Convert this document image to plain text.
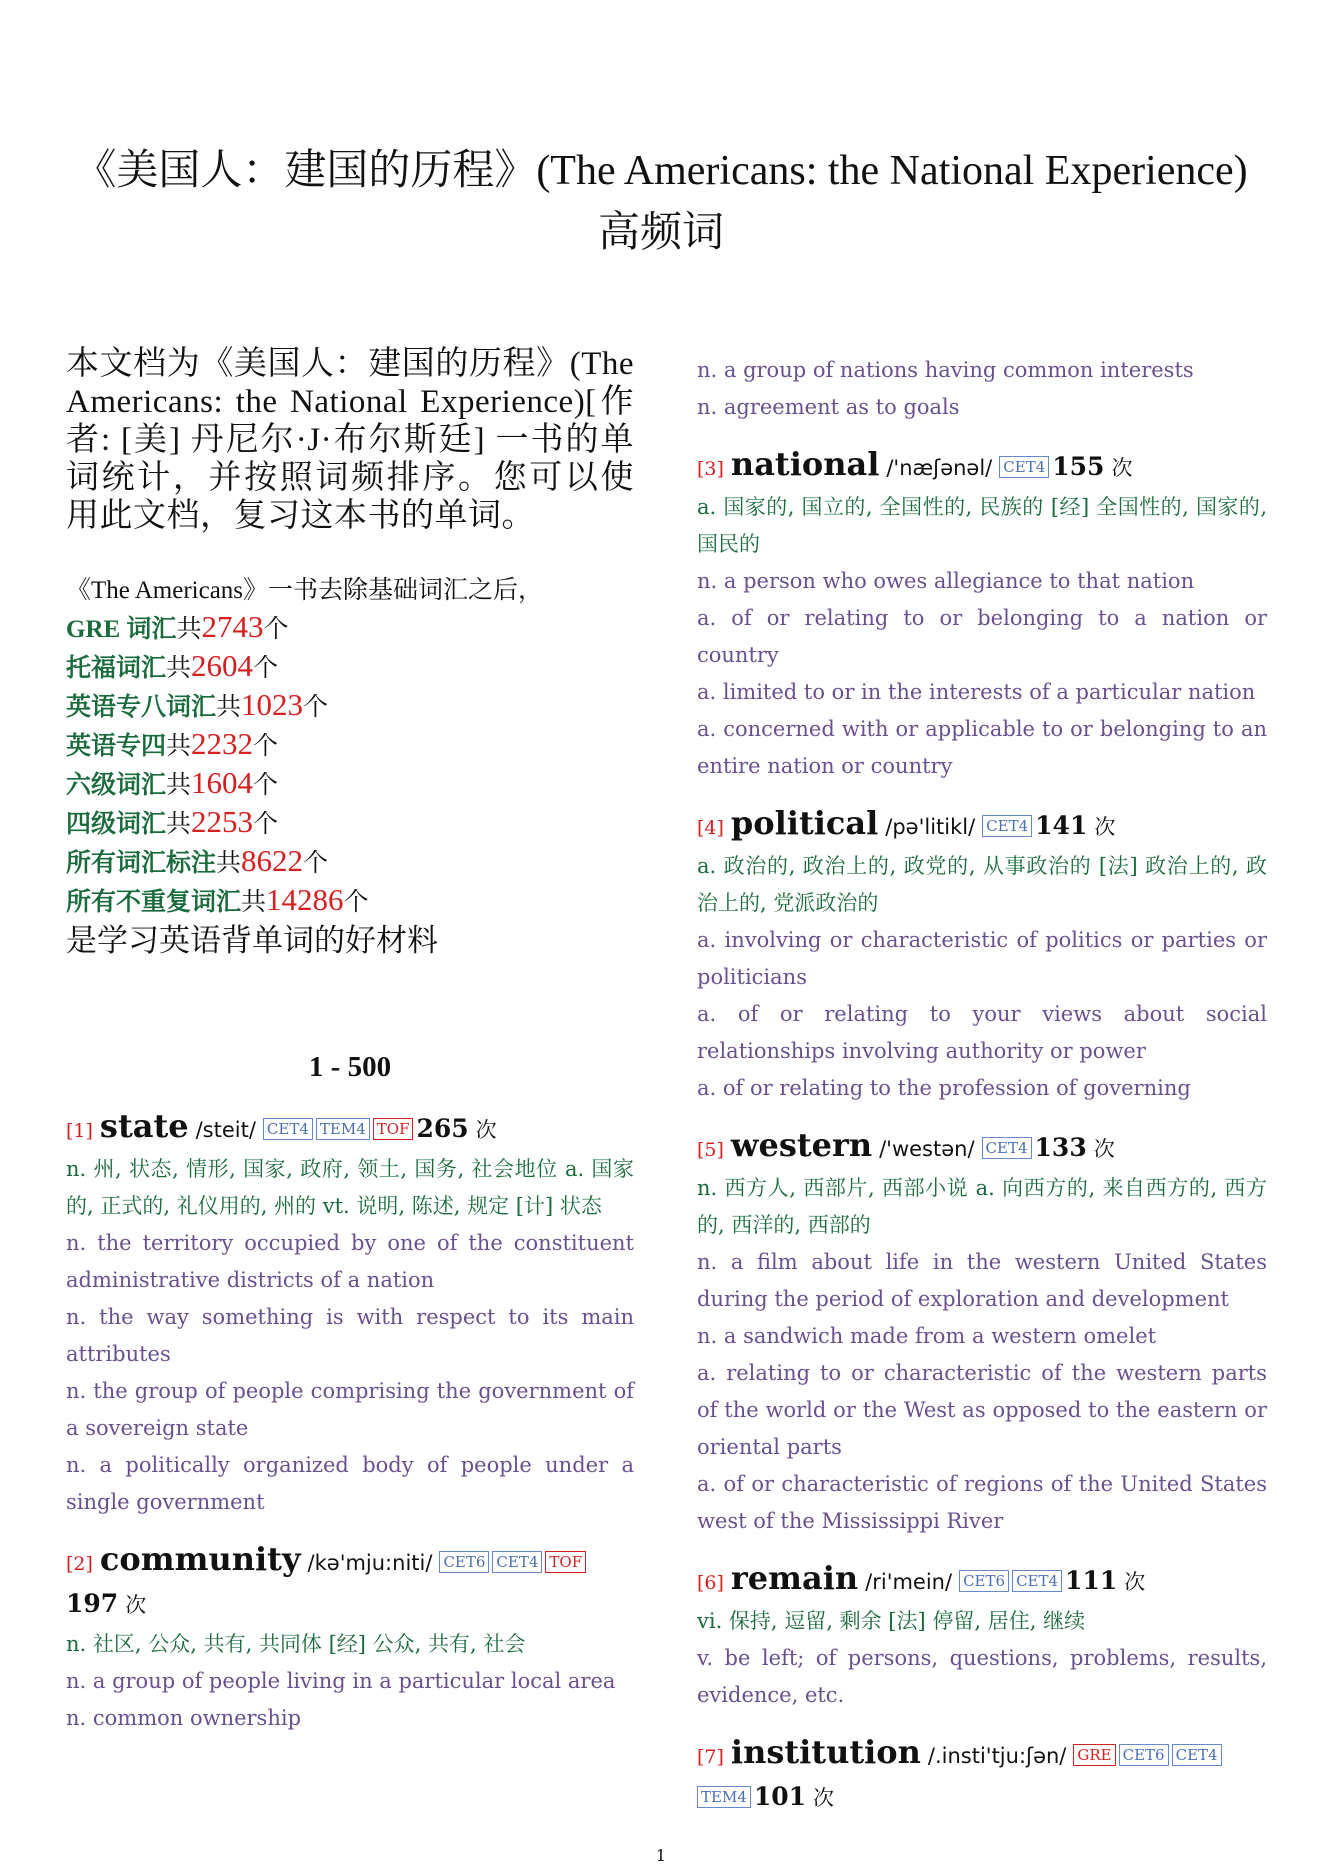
《美国人：建国的历程》(The Americans: the National Experience)
高频词
本文档为《美国人：建国的历程》(The Americans: the National Experience)[作者: [美] 丹尼尔·J·布尔斯廷] 一书的单词统计，并按照词频排序。您可以使用此文档，复习这本书的单词。
《The Americans》一书去除基础词汇之后，
GRE 词汇共2743个
托福词汇共2604个
英语专八词汇共1023个
英语专四共2232个
六级词汇共1604个
四级词汇共2253个
所有词汇标注共8622个
所有不重复词汇共14286个
是学习英语背单词的好材料
1 - 500
[1] state /steit/ CET4 TEM4 TOF 265 次
n. 州, 状态, 情形, 国家, 政府, 领土, 国务, 社会地位 a. 国家的, 正式的, 礼仪用的, 州的 vt. 说明, 陈述, 规定 [计] 状态
n. the territory occupied by one of the constituent administrative districts of a nation
n. the way something is with respect to its main attributes
n. the group of people comprising the government of a sovereign state
n. a politically organized body of people under a single government
[2] community /kə'mju:niti/ CET6 CET4 TOF197 次
n. 社区, 公众, 共有, 共同体 [经] 公众, 共有, 社会
n. a group of people living in a particular local area
n. common ownership
n. a group of nations having common interests
n. agreement as to goals
[3] national /'næʃənəl/ CET4 155 次
a. 国家的, 国立的, 全国性的, 民族的 [经] 全国性的, 国家的, 国民的
n. a person who owes allegiance to that nation
a. of or relating to or belonging to a nation or country
a. limited to or in the interests of a particular nation
a. concerned with or applicable to or belonging to an entire nation or country
[4] political /pə'litikl/ CET4 141 次
a. 政治的, 政治上的, 政党的, 从事政治的 [法] 政治上的, 政治上的, 党派政治的
a. involving or characteristic of politics or parties or politicians
a. of or relating to your views about social relationships involving authority or power
a. of or relating to the profession of governing
[5] western /'westən/ CET4 133 次
n. 西方人, 西部片, 西部小说 a. 向西方的, 来自西方的, 西方的, 西洋的, 西部的
n. a film about life in the western United States during the period of exploration and development
n. a sandwich made from a western omelet
a. relating to or characteristic of the western parts of the world or the West as opposed to the eastern or oriental parts
a. of or characteristic of regions of the United States west of the Mississippi River
[6] remain /ri'mein/ CET6 CET4 111 次
vi. 保持, 逗留, 剩余 [法] 停留, 居住, 继续
v. be left; of persons, questions, problems, results, evidence, etc.
[7] institution /.insti'tju:ʃən/ GRE CET6 CET4TEM4 101 次
1
